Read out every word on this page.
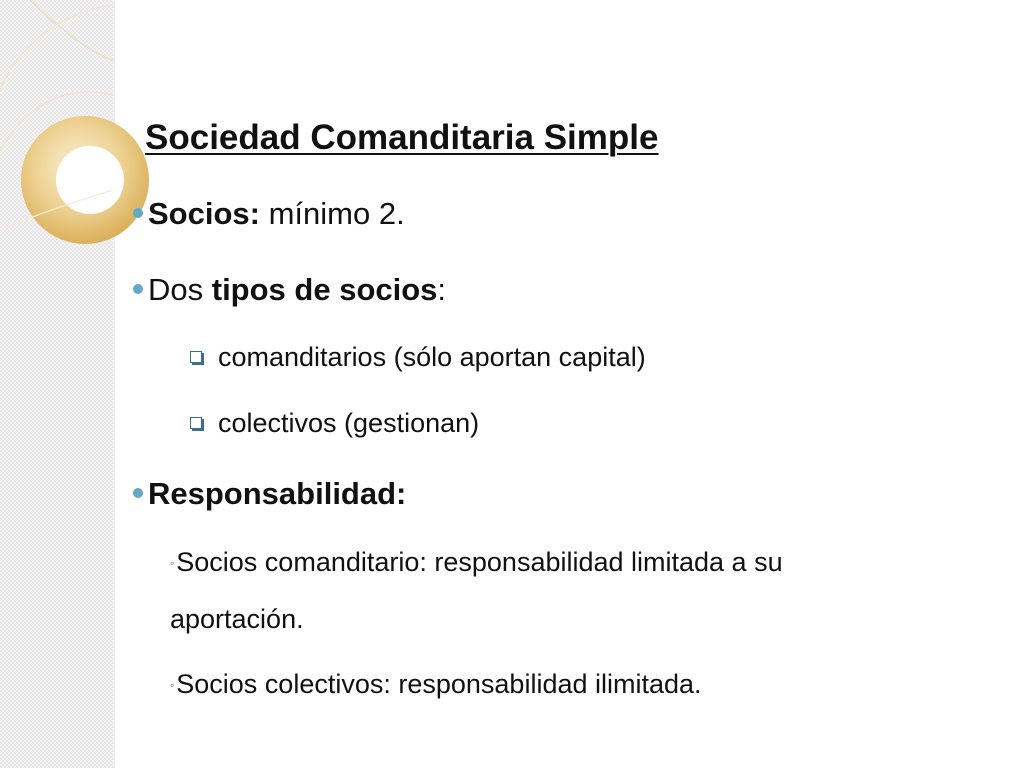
Sociedad Comanditaria Simple
Socios: mínimo 2.
Dos tipos de socios:
comanditarios (sólo aportan capital)
colectivos (gestionan)
Responsabilidad:
◦Socios comanditario: responsabilidad limitada a su aportación.
◦Socios colectivos: responsabilidad ilimitada.
